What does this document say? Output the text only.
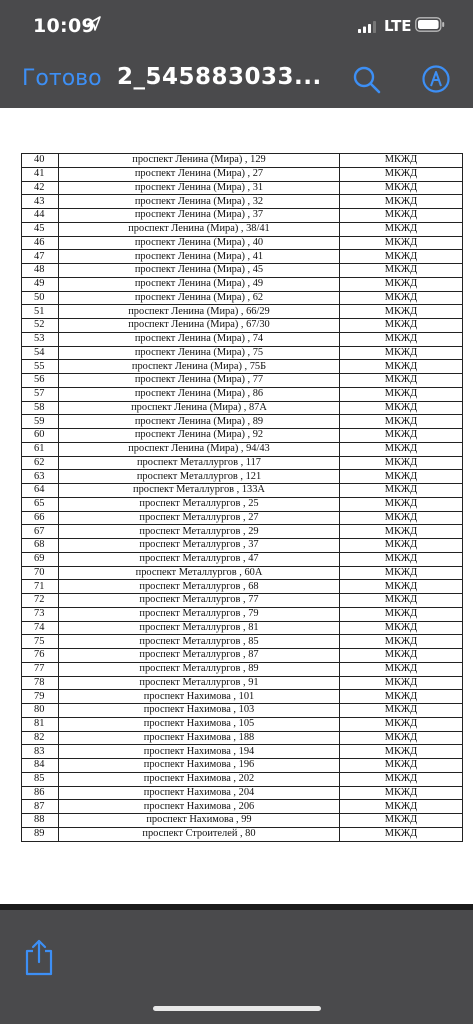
10:09	LTE
Готово 2_545883033...
40	проспект Ленина (Мира) , 129	МКЖД
41	проспект Ленина (Мира) , 27	МКЖД
42	проспект Ленина (Мира) , 31	МКЖД
43	проспект Ленина (Мира) , 32	МКЖД
44	проспект Ленина (Мира) , 37	МКЖД
45	проспект Ленина (Мира) , 38/41	МКЖД
46	проспект Ленина (Мира) , 40	МКЖД
47	проспект Ленина (Мира) , 41	МКЖД
48	проспект Ленина (Мира) , 45	МКЖД
49	проспект Ленина (Мира) , 49	МКЖД
50	проспект Ленина (Мира) , 62	МКЖД
51	проспект Ленина (Мира) , 66/29	МКЖД
52	проспект Ленина (Мира) , 67/30	МКЖД
53	проспект Ленина (Мира) , 74	МКЖД
54	проспект Ленина (Мира) , 75	МКЖД
55	проспект Ленина (Мира) , 75Б	МКЖД
56	проспект Ленина (Мира) , 77	МКЖД
57	проспект Ленина (Мира) , 86	МКЖД
58	проспект Ленина (Мира) , 87А	МКЖД
59	проспект Ленина (Мира) , 89	МКЖД
60	проспект Ленина (Мира) , 92	МКЖД
61	проспект Ленина (Мира) , 94/43	МКЖД
62	проспект Металлургов , 117	МКЖД
63	проспект Металлургов , 121	МКЖД
64	проспект Металлургов , 133А	МКЖД
65	проспект Металлургов , 25	МКЖД
66	проспект Металлургов , 27	МКЖД
67	проспект Металлургов , 29	МКЖД
68	проспект Металлургов , 37	МКЖД
69	проспект Металлургов , 47	МКЖД
70	проспект Металлургов , 60А	МКЖД
71	проспект Металлургов , 68	МКЖД
72	проспект Металлургов , 77	МКЖД
73	проспект Металлургов , 79	МКЖД
74	проспект Металлургов , 81	МКЖД
75	проспект Металлургов , 85	МКЖД
76	проспект Металлургов , 87	МКЖД
77	проспект Металлургов , 89	МКЖД
78	проспект Металлургов , 91	МКЖД
79	проспект Нахимова , 101	МКЖД
80	проспект Нахимова , 103	МКЖД
81	проспект Нахимова , 105	МКЖД
82	проспект Нахимова , 188	МКЖД
83	проспект Нахимова , 194	МКЖД
84	проспект Нахимова , 196	МКЖД
85	проспект Нахимова , 202	МКЖД
86	проспект Нахимова , 204	МКЖД
87	проспект Нахимова , 206	МКЖД
88	проспект Нахимова , 99	МКЖД
89	проспект Строителей , 80	МКЖД
